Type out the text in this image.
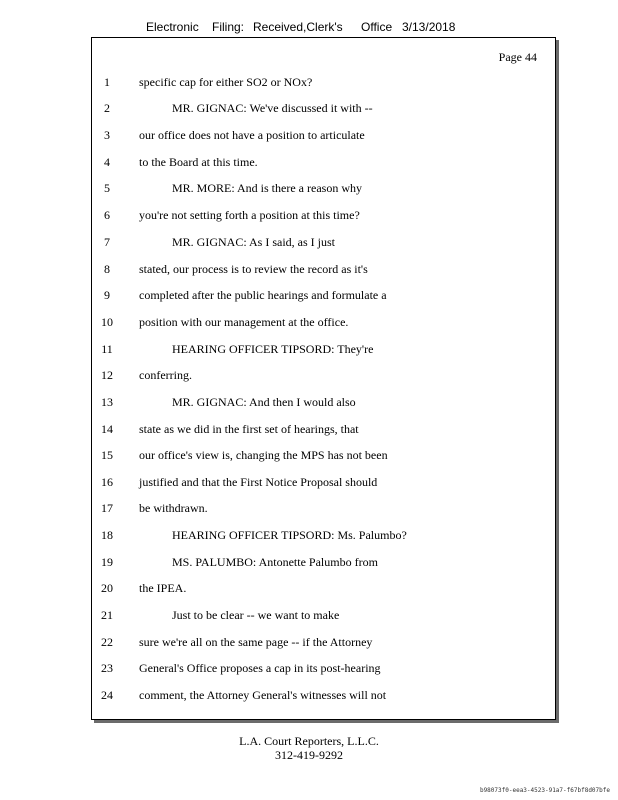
Electronic Filing: Received,Clerk's Office 3/13/2018
Page 44
1	specific cap for either SO2 or NOx?
2	MR. GIGNAC: We've discussed it with --
3	our office does not have a position to articulate
4	to the Board at this time.
5	MR. MORE: And is there a reason why
6	you're not setting forth a position at this time?
7	MR. GIGNAC: As I said, as I just
8	stated, our process is to review the record as it's
9	completed after the public hearings and formulate a
10	position with our management at the office.
11	HEARING OFFICER TIPSORD: They're
12	conferring.
13	MR. GIGNAC: And then I would also
14	state as we did in the first set of hearings, that
15	our office's view is, changing the MPS has not been
16	justified and that the First Notice Proposal should
17	be withdrawn.
18	HEARING OFFICER TIPSORD: Ms. Palumbo?
19	MS. PALUMBO: Antonette Palumbo from
20	the IPEA.
21	Just to be clear -- we want to make
22	sure we're all on the same page -- if the Attorney
23	General's Office proposes a cap in its post-hearing
24	comment, the Attorney General's witnesses will not
L.A. Court Reporters, L.L.C.
312-419-9292
b98073f0-eea3-4523-91a7-f67bf8d07bfe
